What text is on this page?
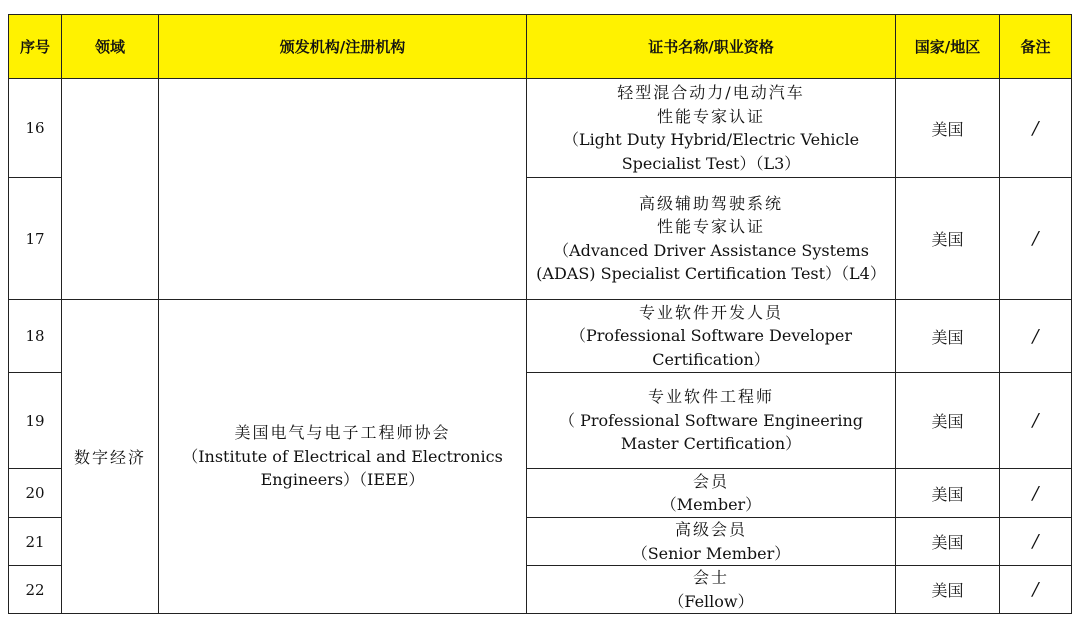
序号	领域	颁发机构/注册机构	证书名称/职业资格	国家/地区	备注
16			轻型混合动力/电动汽车
性能专家认证
（Light Duty Hybrid/Electric Vehicle
Specialist Test）（L3）	美国	/
17			高级辅助驾驶系统
性能专家认证
（Advanced Driver Assistance Systems
(ADAS) Specialist Certification Test）（L4）	美国	/
18	数字经济	美国电气与电子工程师协会
（Institute of Electrical and Electronics
Engineers）（IEEE）	专业软件开发人员
（Professional Software Developer
Certification）	美国	/
19			专业软件工程师
（ Professional Software Engineering
Master Certification）	美国	/
20			会员
（Member）	美国	/
21			高级会员
（Senior Member）	美国	/
22			会士
（Fellow）	美国	/
